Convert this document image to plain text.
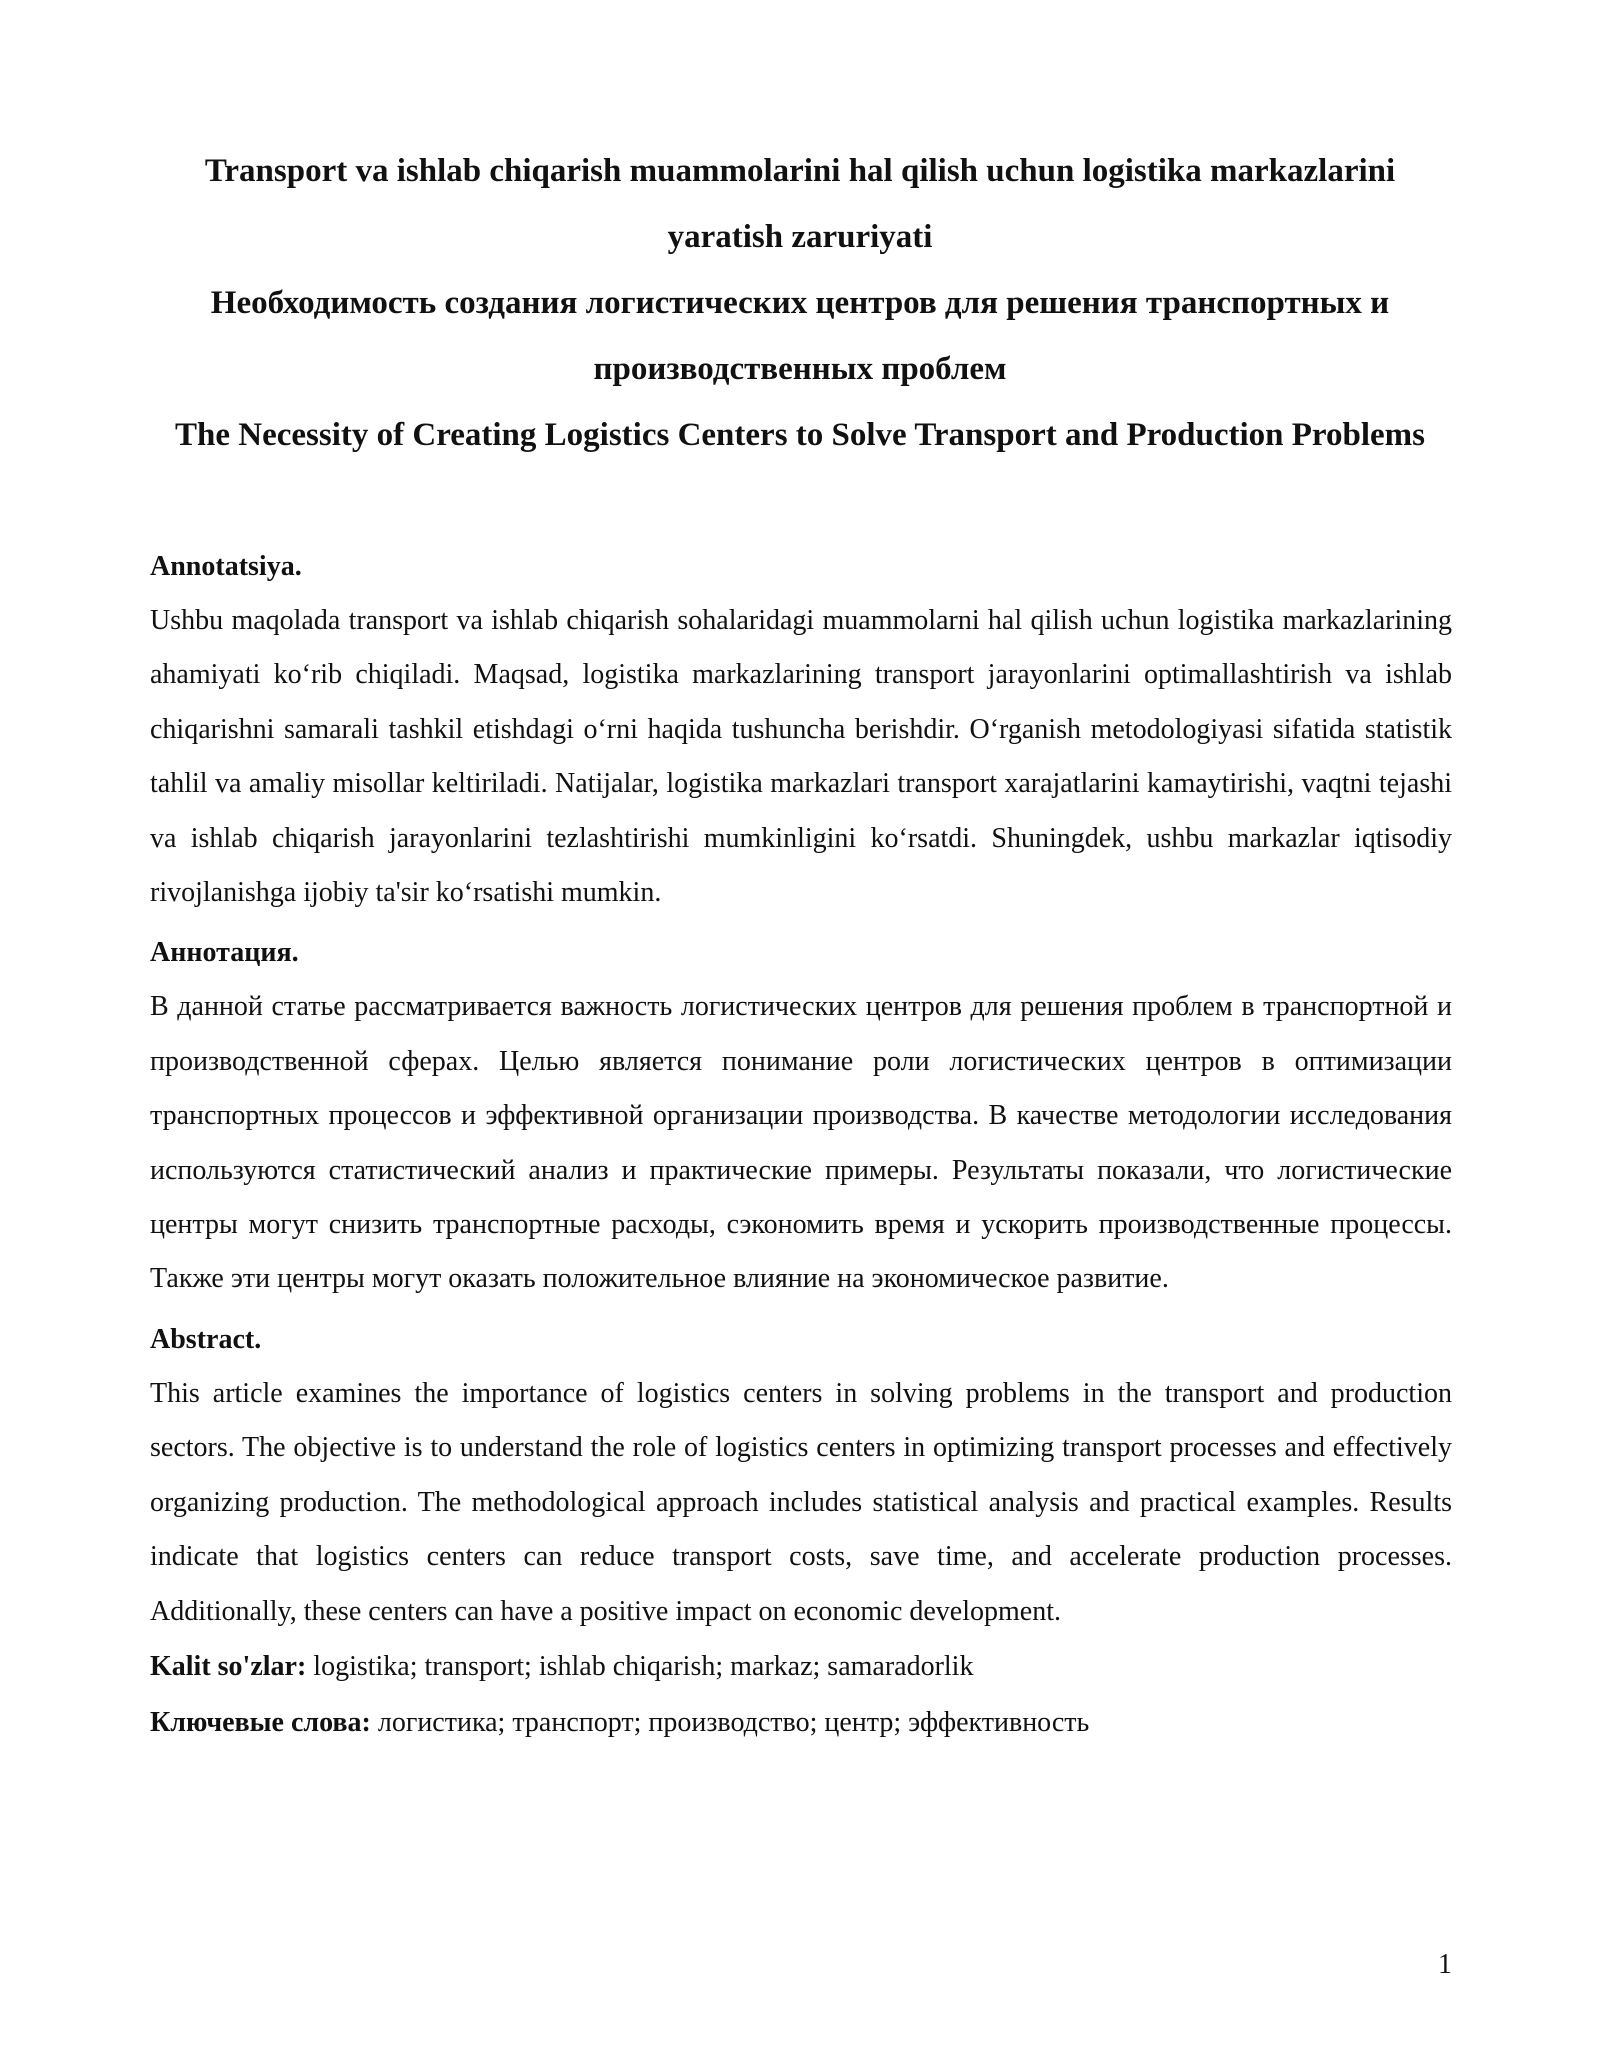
Transport va ishlab chiqarish muammolarini hal qilish uchun logistika markazlarini yaratish zaruriyati
Необходимость создания логистических центров для решения транспортных и производственных проблем
The Necessity of Creating Logistics Centers to Solve Transport and Production Problems

Annotatsiya.

Ushbu maqolada transport va ishlab chiqarish sohalaridagi muammolarni hal qilish uchun logistika markazlarining ahamiyati koʻrib chiqiladi. Maqsad, logistika markazlarining transport jarayonlarini optimallashtirish va ishlab chiqarishni samarali tashkil etishdagi oʻrni haqida tushuncha berishdir. Oʻrganish metodologiyasi sifatida statistik tahlil va amaliy misollar keltiriladi. Natijalar, logistika markazlari transport xarajatlarini kamaytirishi, vaqtni tejashi va ishlab chiqarish jarayonlarini tezlashtirishi mumkinligini koʻrsatdi. Shuningdek, ushbu markazlar iqtisodiy rivojlanishga ijobiy ta'sir koʻrsatishi mumkin.

Аннотация.

В данной статье рассматривается важность логистических центров для решения проблем в транспортной и производственной сферах. Целью является понимание роли логистических центров в оптимизации транспортных процессов и эффективной организации производства. В качестве методологии исследования используются статистический анализ и практические примеры. Результаты показали, что логистические центры могут снизить транспортные расходы, сэкономить время и ускорить производственные процессы. Также эти центры могут оказать положительное влияние на экономическое развитие.

Abstract.

This article examines the importance of logistics centers in solving problems in the transport and production sectors. The objective is to understand the role of logistics centers in optimizing transport processes and effectively organizing production. The methodological approach includes statistical analysis and practical examples. Results indicate that logistics centers can reduce transport costs, save time, and accelerate production processes. Additionally, these centers can have a positive impact on economic development.

Kalit so'zlar: logistika; transport; ishlab chiqarish; markaz; samaradorlik

Ключевые слова: логистика; транспорт; производство; центр; эффективность

1
